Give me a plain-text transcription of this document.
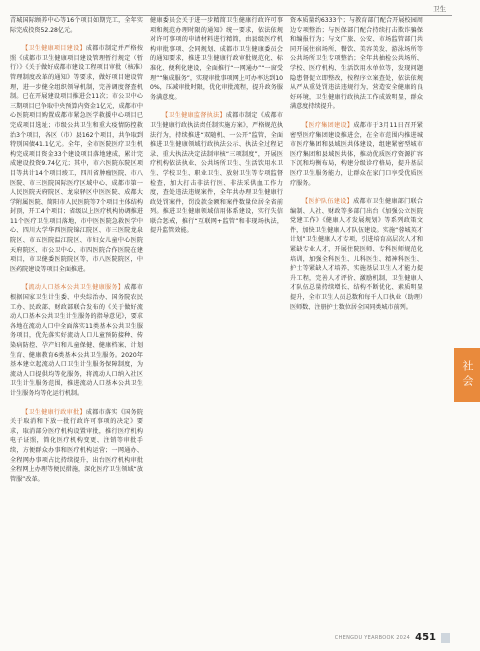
卫生

青城国际顾养中心等16个项目如期完工，全年实际完成投资52.28亿元。

【卫生健康项目建设】成都市制定并严格按照《成都市卫生健康项目建设管理暂行规定（暂行）》《关于做好成都市建设工程项目审批（核准）管理制度改革的通知》等要求，做好项目建设管理，进一步健全组织领导机制，完善调度督查机制。已在开展建设项目推进会11次；市公卫中心三期项目已争取中央预算内资金1亿元，成都市中心医院项目购置成都市紧急医学救援中心项目已完成项目选址；市级公共卫生和重大疫情防控救治3个项目，各区（市）县162个项目，共争取到特别国债41.1亿元。全年，全市医院医疗卫生机构完成项目资金33个建设项目落地建成，累计完成建设投资9.74亿元；其中，市六医院东院区项目等共计14个项目竣工，四川省肿瘤医院、市八医院、市三医院国际医疗区域中心、成都市第一人民医院天府院区、龙泉驿区中医医院、成都大学附属医院、简阳市人民医院等7个项目主体结构封顶，开工4个项目；省级以上医疗机构协调推进11个医疗卫生项目落地，市中医医院急救医学中心、四川大学华西医院锦江院区、市三医院龙泉院区、市五医院温江院区、市妇女儿童中心医院天府院区、市公卫中心、市四医院合作医院在建项目，市卫健委医院院区等，市八医院院区，中医药院建设等项目全面推进。

【流动人口基本公共卫生健康服务】成都市根据国家卫生计生委、中央综治办、国务院农民工办、民政部、财政部联合发布的《关于做好流动人口基本公共卫生计生服务的指导意见》，要求各地在流动人口中全面落实11类基本公共卫生服务项目，优先落实好流动人口儿童预防接种、传染病防控、孕产妇和儿童保健、健康档案、计划生育、健康教育6类基本公共卫生服务。2020年基本建立起流动人口卫生计生服务保障制度，为流动人口提供均等化服务，将流动人口纳入社区卫生计生服务范围，推进流动人口基本公共卫生计生服务均等化运行机制。

【卫生健康行政审批】成都市落实《国务院关于取消和下放一批行政许可事项的决定》要求，取消部分医疗机构设置审批，推行医疗机构电子证照，简化医疗机构变更、注销等审批手续，方便群众办事和医疗机构运营；一网通办、全程网办事项占比持续提升，出台医疗机构审批全程网上办理等便民措施，深化医疗卫生领域“放管服”改革。

健康委员会关于进一步精简卫生健康行政许可事项和规范办理时限的通知》统一要求，依法依规对许可事项的申请材料进行精简，由县级医疗机构审批事项、会同规划、成都市卫生健康委员会的通知要求，推进卫生健康行政审批规范化、标准化、便利化建设，全面推行“一网通办”“一窗受理”“集成服务”，实现审批事项网上可办率达到100%，压减审批时限，优化审批流程，提升政务服务满意度。

【卫生健康监督执法】成都市制定《成都市卫生健康行政执法责任制实施方案》，严格规范执法行为，持续推进“双随机、一公开”监管，全面推进卫生健康领域行政执法公示、执法全过程记录、重大执法决定法制审核“三项制度”，开展医疗机构依法执业、公共场所卫生、生活饮用水卫生、学校卫生、职业卫生、放射卫生等专项监督检查，加大打击非法行医、非法采供血工作力度，查处违法违规案件，全年共办理卫生健康行政处罚案件，罚没款金额和案件数量位居全省前列。推进卫生健康领域信用体系建设，实行失信联合惩戒，推行“互联网+监管”和非现场执法，提升监管效能。

资本质量约6333个；与教育部门配合开展校园周边专项整治；与医保部门配合持续打击欺诈骗保和编报行为；与文广旅、公安、市场监管部门共同开展住宿场所、餐饮、美容美发、游泳场所等公共场所卫生专项整治；全年共抽检公共场所、学校、医疗机构、生活饮用水单位等，发现问题隐患督促立即整改，按程序立案查处，依法依规从严从重处罚违法违规行为，营造安全健康的良好环境，卫生健康行政执法工作成效明显，群众满意度持续提升。

【医疗集团建设】成都市于3月11日召开紧密型医疗集团建设推进会，在全市范围内推进城市医疗集团和县域医共体建设，组建紧密型城市医疗集团和县域医共体，推动优质医疗资源扩容下沉和均衡布局，构建分级诊疗格局，提升基层医疗卫生服务能力，让群众在家门口享受优质医疗服务。

【医护队伍建设】成都市卫生健康部门联合编制、人社、财政等多部门出台《加强公立医院党建工作》《健康人才发展规划》等系列政策文件，加快卫生健康人才队伍建设。实施“蓉城英才计划”卫生健康人才专项，引进培育高层次人才和紧缺专业人才，开展住院医师、专科医师规范化培训，加强全科医生、儿科医生、精神科医生、护士等紧缺人才培养，实施基层卫生人才能力提升工程，完善人才评价、激励机制，卫生健康人才队伍总量持续增长、结构不断优化、素质明显提升，全市卫生人员总数和每千人口执业（助理）医师数、注册护士数位居全国同类城市前列。

社会
CHENGDU YEARBOOK 2024 451
